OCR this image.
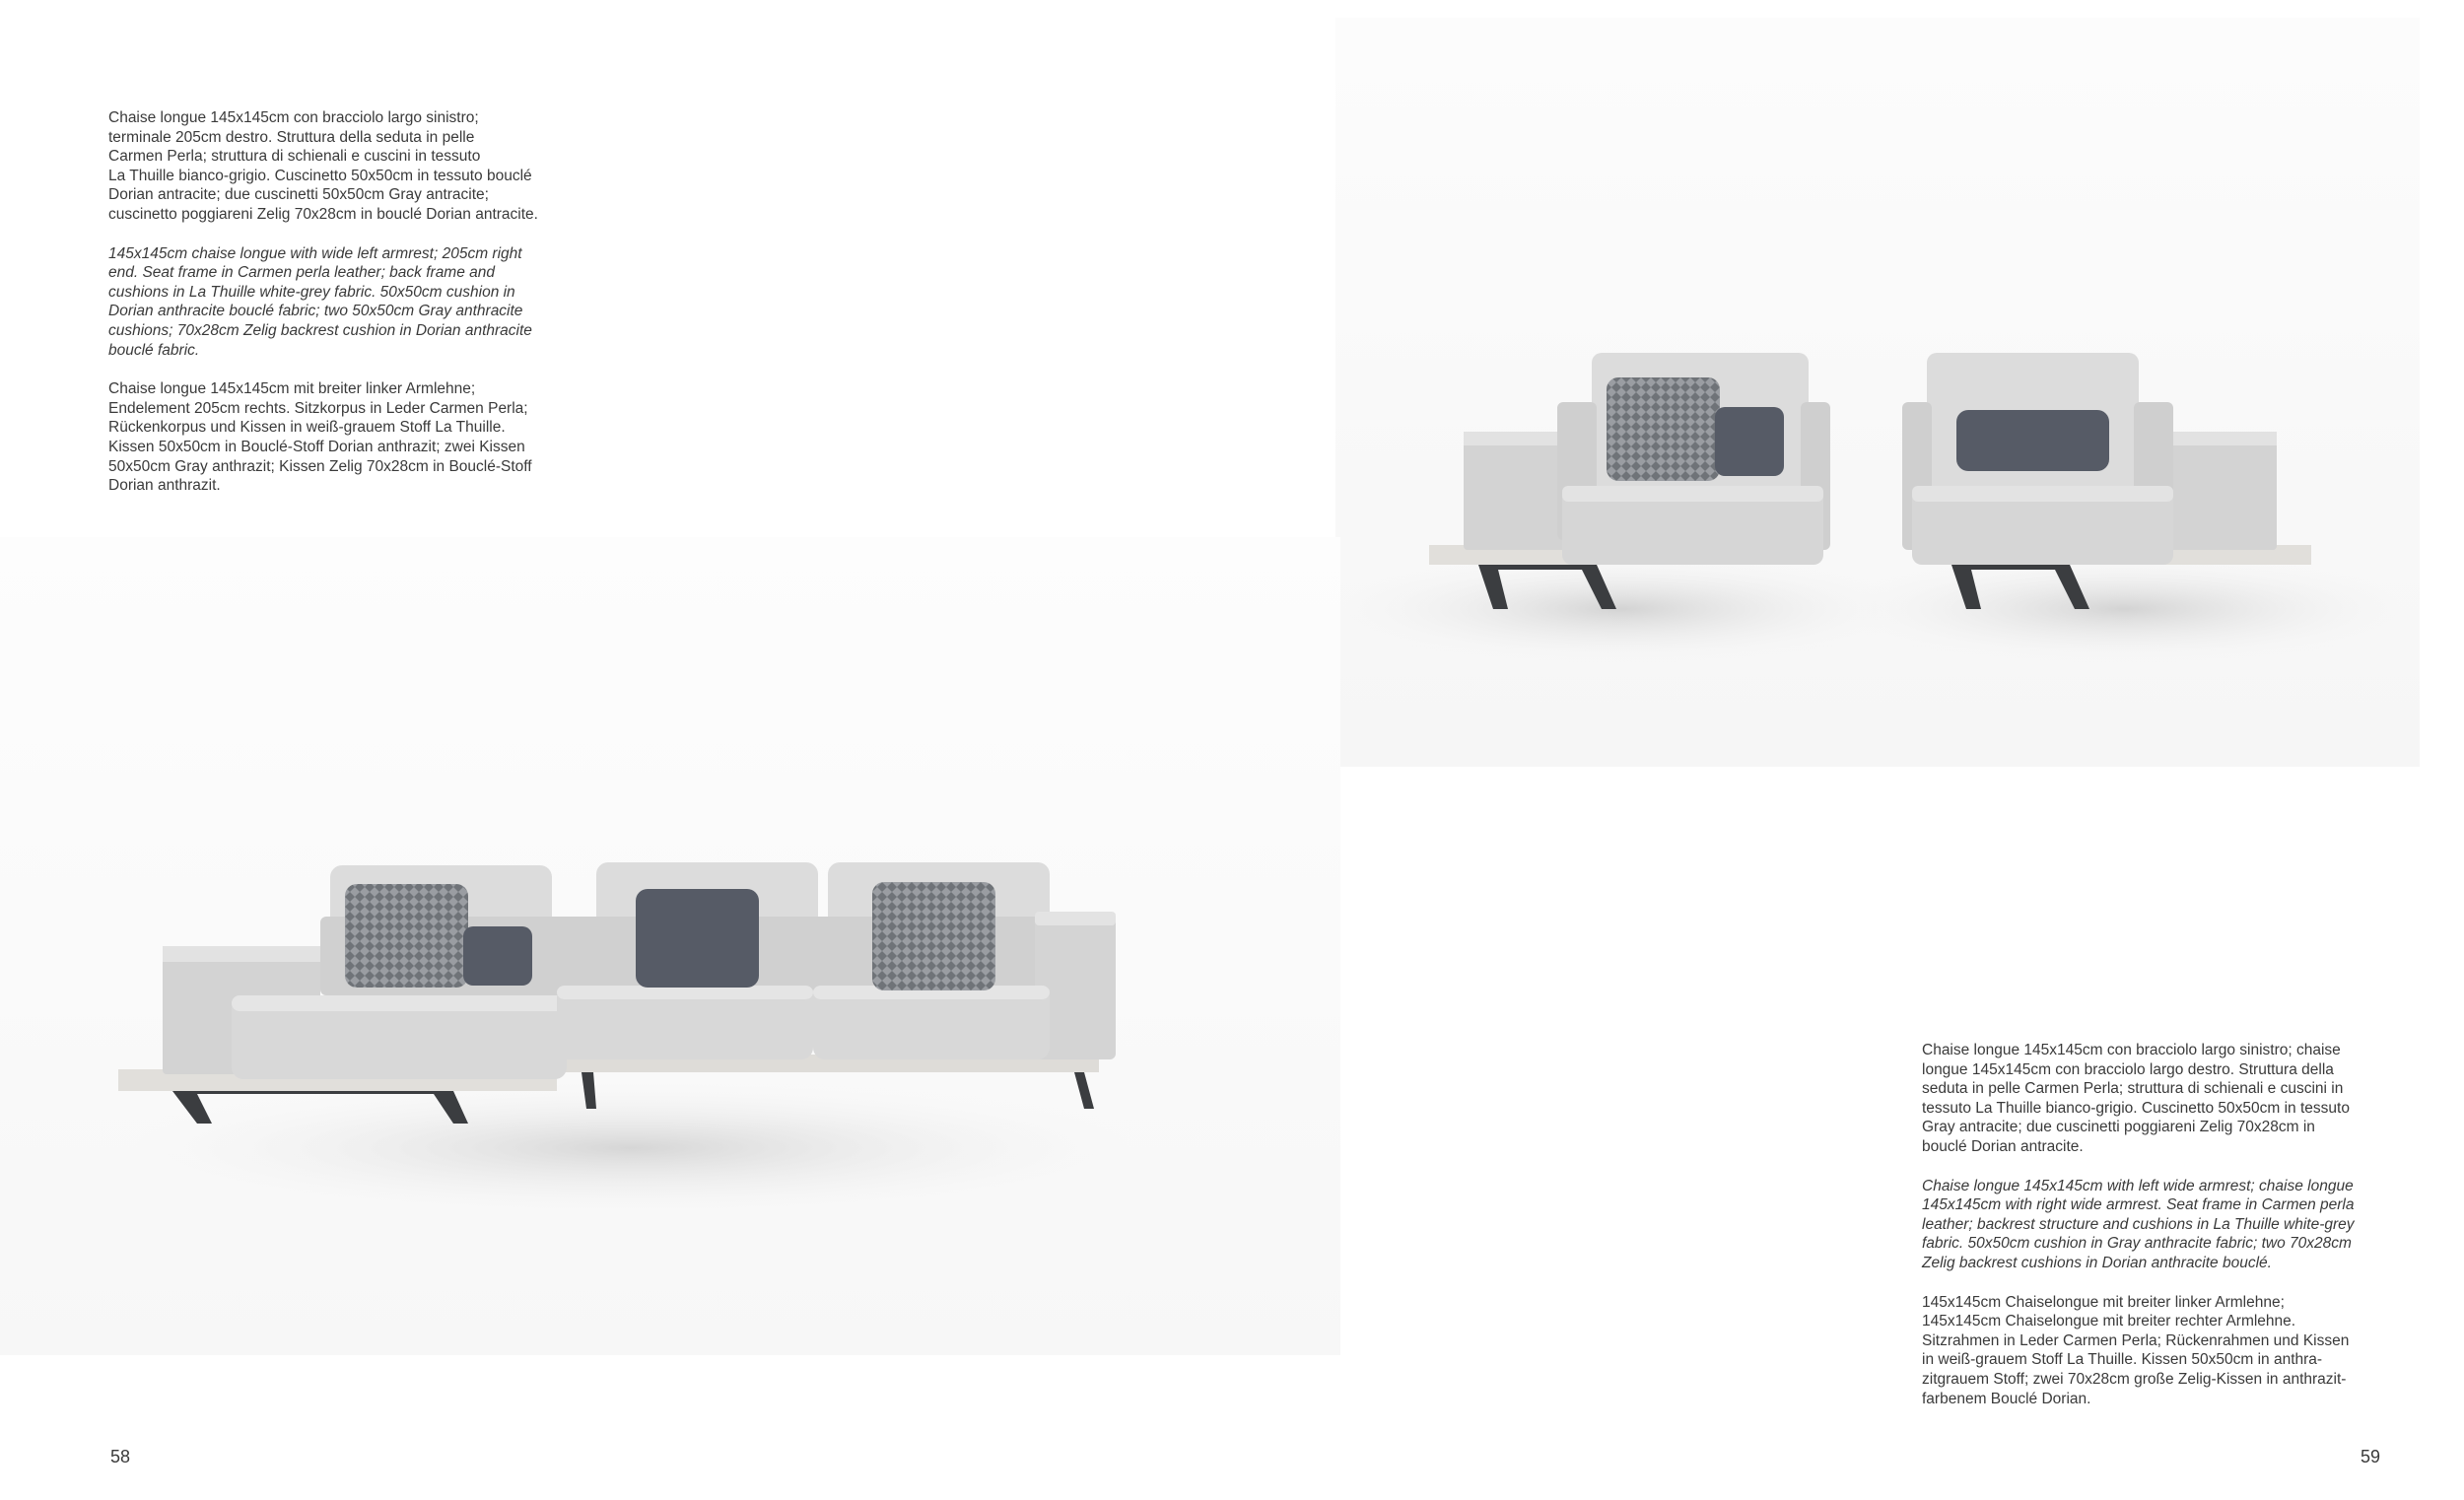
Chaise longue 145x145cm con bracciolo largo sinistro;
terminale 205cm destro. Struttura della seduta in pelle
Carmen Perla; struttura di schienali e cuscini in tessuto
La Thuille bianco-grigio. Cuscinetto 50x50cm in tessuto bouclé
Dorian antracite; due cuscinetti 50x50cm Gray antracite;
cuscinetto poggiareni Zelig 70x28cm in bouclé Dorian antracite.

145x145cm chaise longue with wide left armrest; 205cm right
end. Seat frame in Carmen perla leather; back frame and
cushions in La Thuille white-grey fabric. 50x50cm cushion in
Dorian anthracite bouclé fabric; two 50x50cm Gray anthracite
cushions; 70x28cm Zelig backrest cushion in Dorian anthracite
bouclé fabric.

Chaise longue 145x145cm mit breiter linker Armlehne;
Endelement 205cm rechts. Sitzkorpus in Leder Carmen Perla;
Rückenkorpus und Kissen in weiß-grauem Stoff La Thuille.
Kissen 50x50cm in Bouclé-Stoff Dorian anthrazit; zwei Kissen
50x50cm Gray anthrazit; Kissen Zelig 70x28cm in Bouclé-Stoff
Dorian anthrazit.

Chaise longue 145x145cm con bracciolo largo sinistro; chaise
longue 145x145cm con bracciolo largo destro. Struttura della
seduta in pelle Carmen Perla; struttura di schienali e cuscini in
tessuto La Thuille bianco-grigio. Cuscinetto 50x50cm in tessuto
Gray antracite; due cuscinetti poggiareni Zelig 70x28cm in
bouclé Dorian antracite.

Chaise longue 145x145cm with left wide armrest; chaise longue
145x145cm with right wide armrest. Seat frame in Carmen perla
leather; backrest structure and cushions in La Thuille white-grey
fabric. 50x50cm cushion in Gray anthracite fabric; two 70x28cm
Zelig backrest cushions in Dorian anthracite bouclé.

145x145cm Chaiselongue mit breiter linker Armlehne;
145x145cm Chaiselongue mit breiter rechter Armlehne.
Sitzrahmen in Leder Carmen Perla; Rückenrahmen und Kissen
in weiß-grauem Stoff La Thuille. Kissen 50x50cm in anthra-
zitgrauem Stoff; zwei 70x28cm große Zelig-Kissen in anthrazit-
farbenem Bouclé Dorian.

58	59
